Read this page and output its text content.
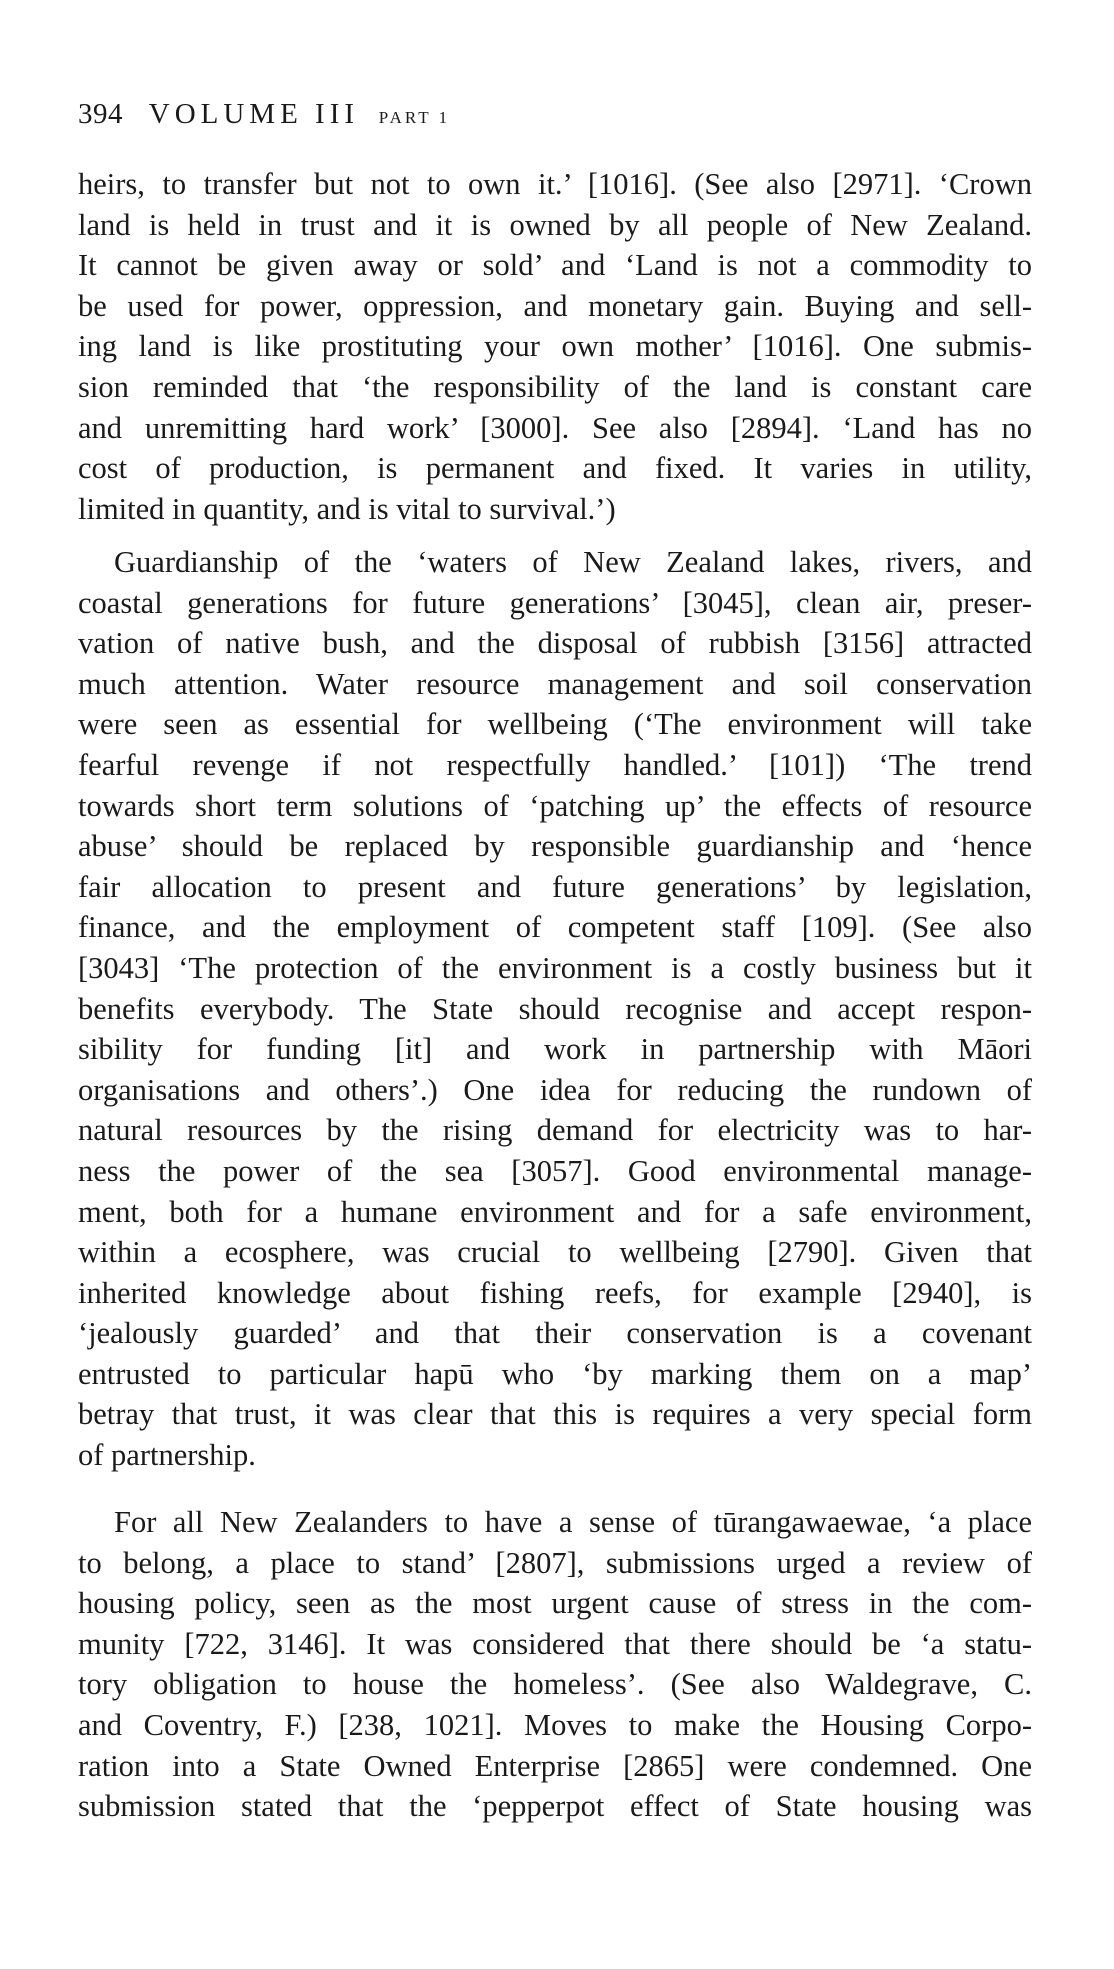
394 VOLUME III PART 1
heirs, to transfer but not to own it.’ [1016]. (See also [2971]. ‘Crown
land is held in trust and it is owned by all people of New Zealand.
It cannot be given away or sold’ and ‘Land is not a commodity to
be used for power, oppression, and monetary gain. Buying and sell-
ing land is like prostituting your own mother’ [1016]. One submis-
sion reminded that ‘the responsibility of the land is constant care
and unremitting hard work’ [3000]. See also [2894]. ‘Land has no
cost of production, is permanent and fixed. It varies in utility,
limited in quantity, and is vital to survival.’)
Guardianship of the ‘waters of New Zealand lakes, rivers, and
coastal generations for future generations’ [3045], clean air, preser-
vation of native bush, and the disposal of rubbish [3156] attracted
much attention. Water resource management and soil conservation
were seen as essential for wellbeing (‘The environment will take
fearful revenge if not respectfully handled.’ [101]) ‘The trend
towards short term solutions of ‘patching up’ the effects of resource
abuse’ should be replaced by responsible guardianship and ‘hence
fair allocation to present and future generations’ by legislation,
finance, and the employment of competent staff [109]. (See also
[3043] ‘The protection of the environment is a costly business but it
benefits everybody. The State should recognise and accept respon-
sibility for funding [it] and work in partnership with Māori
organisations and others’.) One idea for reducing the rundown of
natural resources by the rising demand for electricity was to har-
ness the power of the sea [3057]. Good environmental manage-
ment, both for a humane environment and for a safe environment,
within a ecosphere, was crucial to wellbeing [2790]. Given that
inherited knowledge about fishing reefs, for example [2940], is
‘jealously guarded’ and that their conservation is a covenant
entrusted to particular hapū who ‘by marking them on a map’
betray that trust, it was clear that this is requires a very special form
of partnership.
For all New Zealanders to have a sense of tūrangawaewae, ‘a place
to belong, a place to stand’ [2807], submissions urged a review of
housing policy, seen as the most urgent cause of stress in the com-
munity [722, 3146]. It was considered that there should be ‘a statu-
tory obligation to house the homeless’. (See also Waldegrave, C.
and Coventry, F.) [238, 1021]. Moves to make the Housing Corpo-
ration into a State Owned Enterprise [2865] were condemned. One
submission stated that the ‘pepperpot effect of State housing was
